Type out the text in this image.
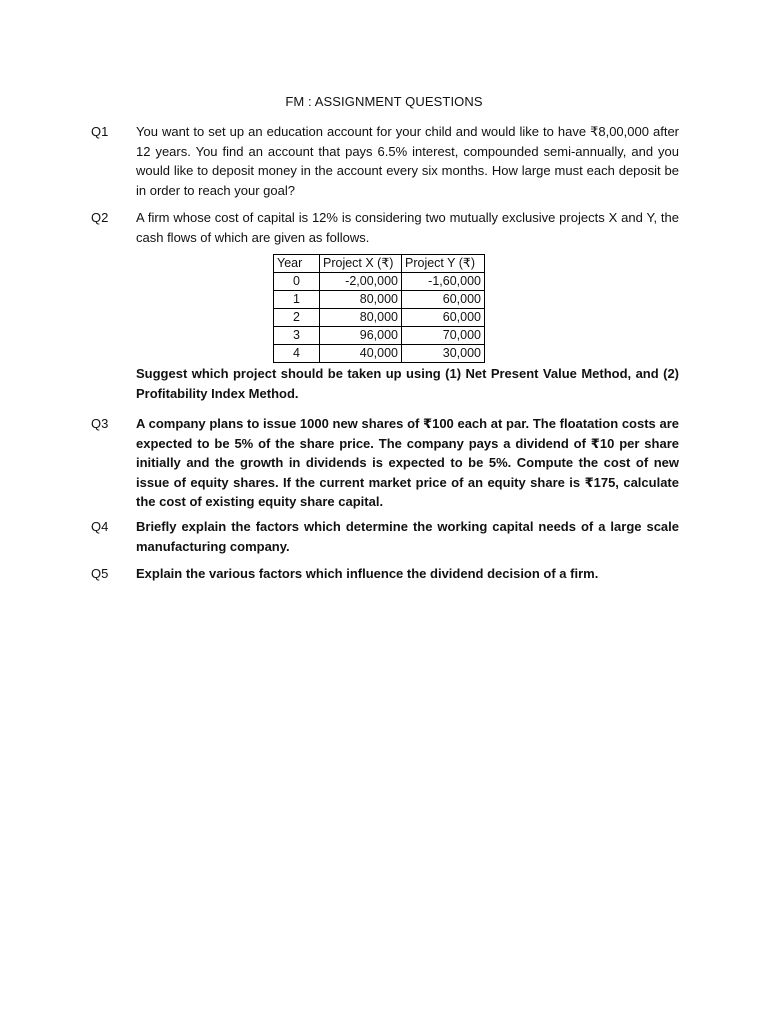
FM : ASSIGNMENT QUESTIONS
Q1	You want to set up an education account for your child and would like to have ₹8,00,000 after 12 years. You find an account that pays 6.5% interest, compounded semi-annually, and you would like to deposit money in the account every six months. How large must each deposit be in order to reach your goal?
Q2	A firm whose cost of capital is 12% is considering two mutually exclusive projects X and Y, the cash flows of which are given as follows.
Year	Project X (₹)	Project Y (₹)
0	-2,00,000	-1,60,000
1	80,000	60,000
2	80,000	60,000
3	96,000	70,000
4	40,000	30,000
Suggest which project should be taken up using (1) Net Present Value Method, and (2) Profitability Index Method.
Q3	A company plans to issue 1000 new shares of ₹100 each at par. The floatation costs are expected to be 5% of the share price. The company pays a dividend of ₹10 per share initially and the growth in dividends is expected to be 5%. Compute the cost of new issue of equity shares. If the current market price of an equity share is ₹175, calculate the cost of existing equity share capital.
Q4	Briefly explain the factors which determine the working capital needs of a large scale manufacturing company.
Q5	Explain the various factors which influence the dividend decision of a firm.
